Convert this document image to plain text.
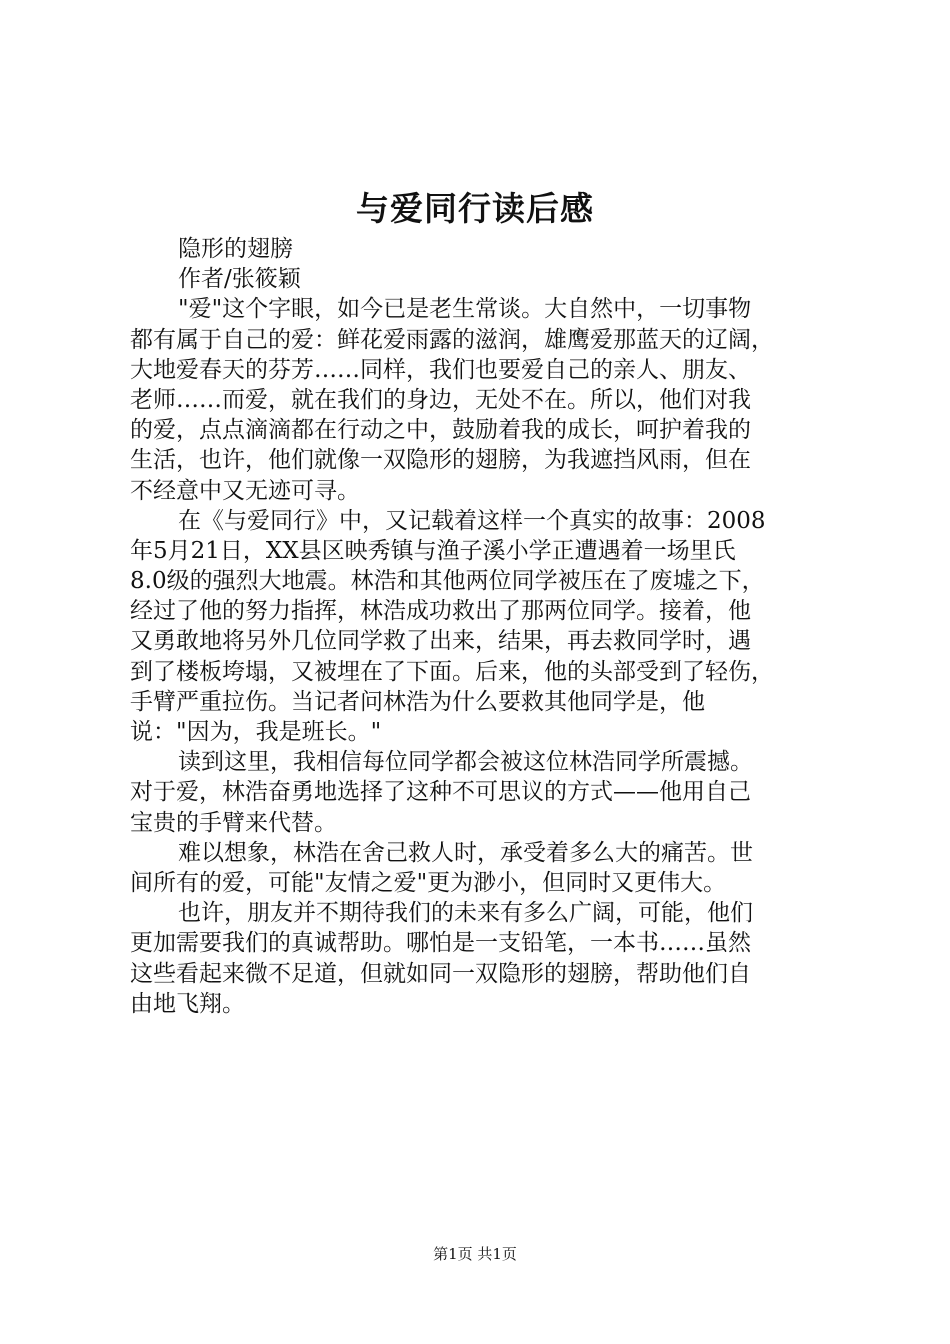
与爱同行读后感
隐形的翅膀
作者/张筱颖
"爱"这个字眼，如今已是老生常谈。大自然中，一切事物
都有属于自己的爱：鲜花爱雨露的滋润，雄鹰爱那蓝天的辽阔，
大地爱春天的芬芳……同样，我们也要爱自己的亲人、朋友、
老师……而爱，就在我们的身边，无处不在。所以，他们对我
的爱，点点滴滴都在行动之中，鼓励着我的成长，呵护着我的
生活，也许，他们就像一双隐形的翅膀，为我遮挡风雨，但在
不经意中又无迹可寻。
在《与爱同行》中，又记载着这样一个真实的故事：2008
年5月21日，XX县区映秀镇与渔子溪小学正遭遇着一场里氏
8.0级的强烈大地震。林浩和其他两位同学被压在了废墟之下，
经过了他的努力指挥，林浩成功救出了那两位同学。接着，他
又勇敢地将另外几位同学救了出来，结果，再去救同学时，遇
到了楼板垮塌，又被埋在了下面。后来，他的头部受到了轻伤，
手臂严重拉伤。当记者问林浩为什么要救其他同学是，他
说："因为，我是班长。"
读到这里，我相信每位同学都会被这位林浩同学所震撼。
对于爱，林浩奋勇地选择了这种不可思议的方式——他用自己
宝贵的手臂来代替。
难以想象，林浩在舍己救人时，承受着多么大的痛苦。世
间所有的爱，可能"友情之爱"更为渺小，但同时又更伟大。
也许，朋友并不期待我们的未来有多么广阔，可能，他们
更加需要我们的真诚帮助。哪怕是一支铅笔，一本书……虽然
这些看起来微不足道，但就如同一双隐形的翅膀，帮助他们自
由地飞翔。
第1页 共1页
